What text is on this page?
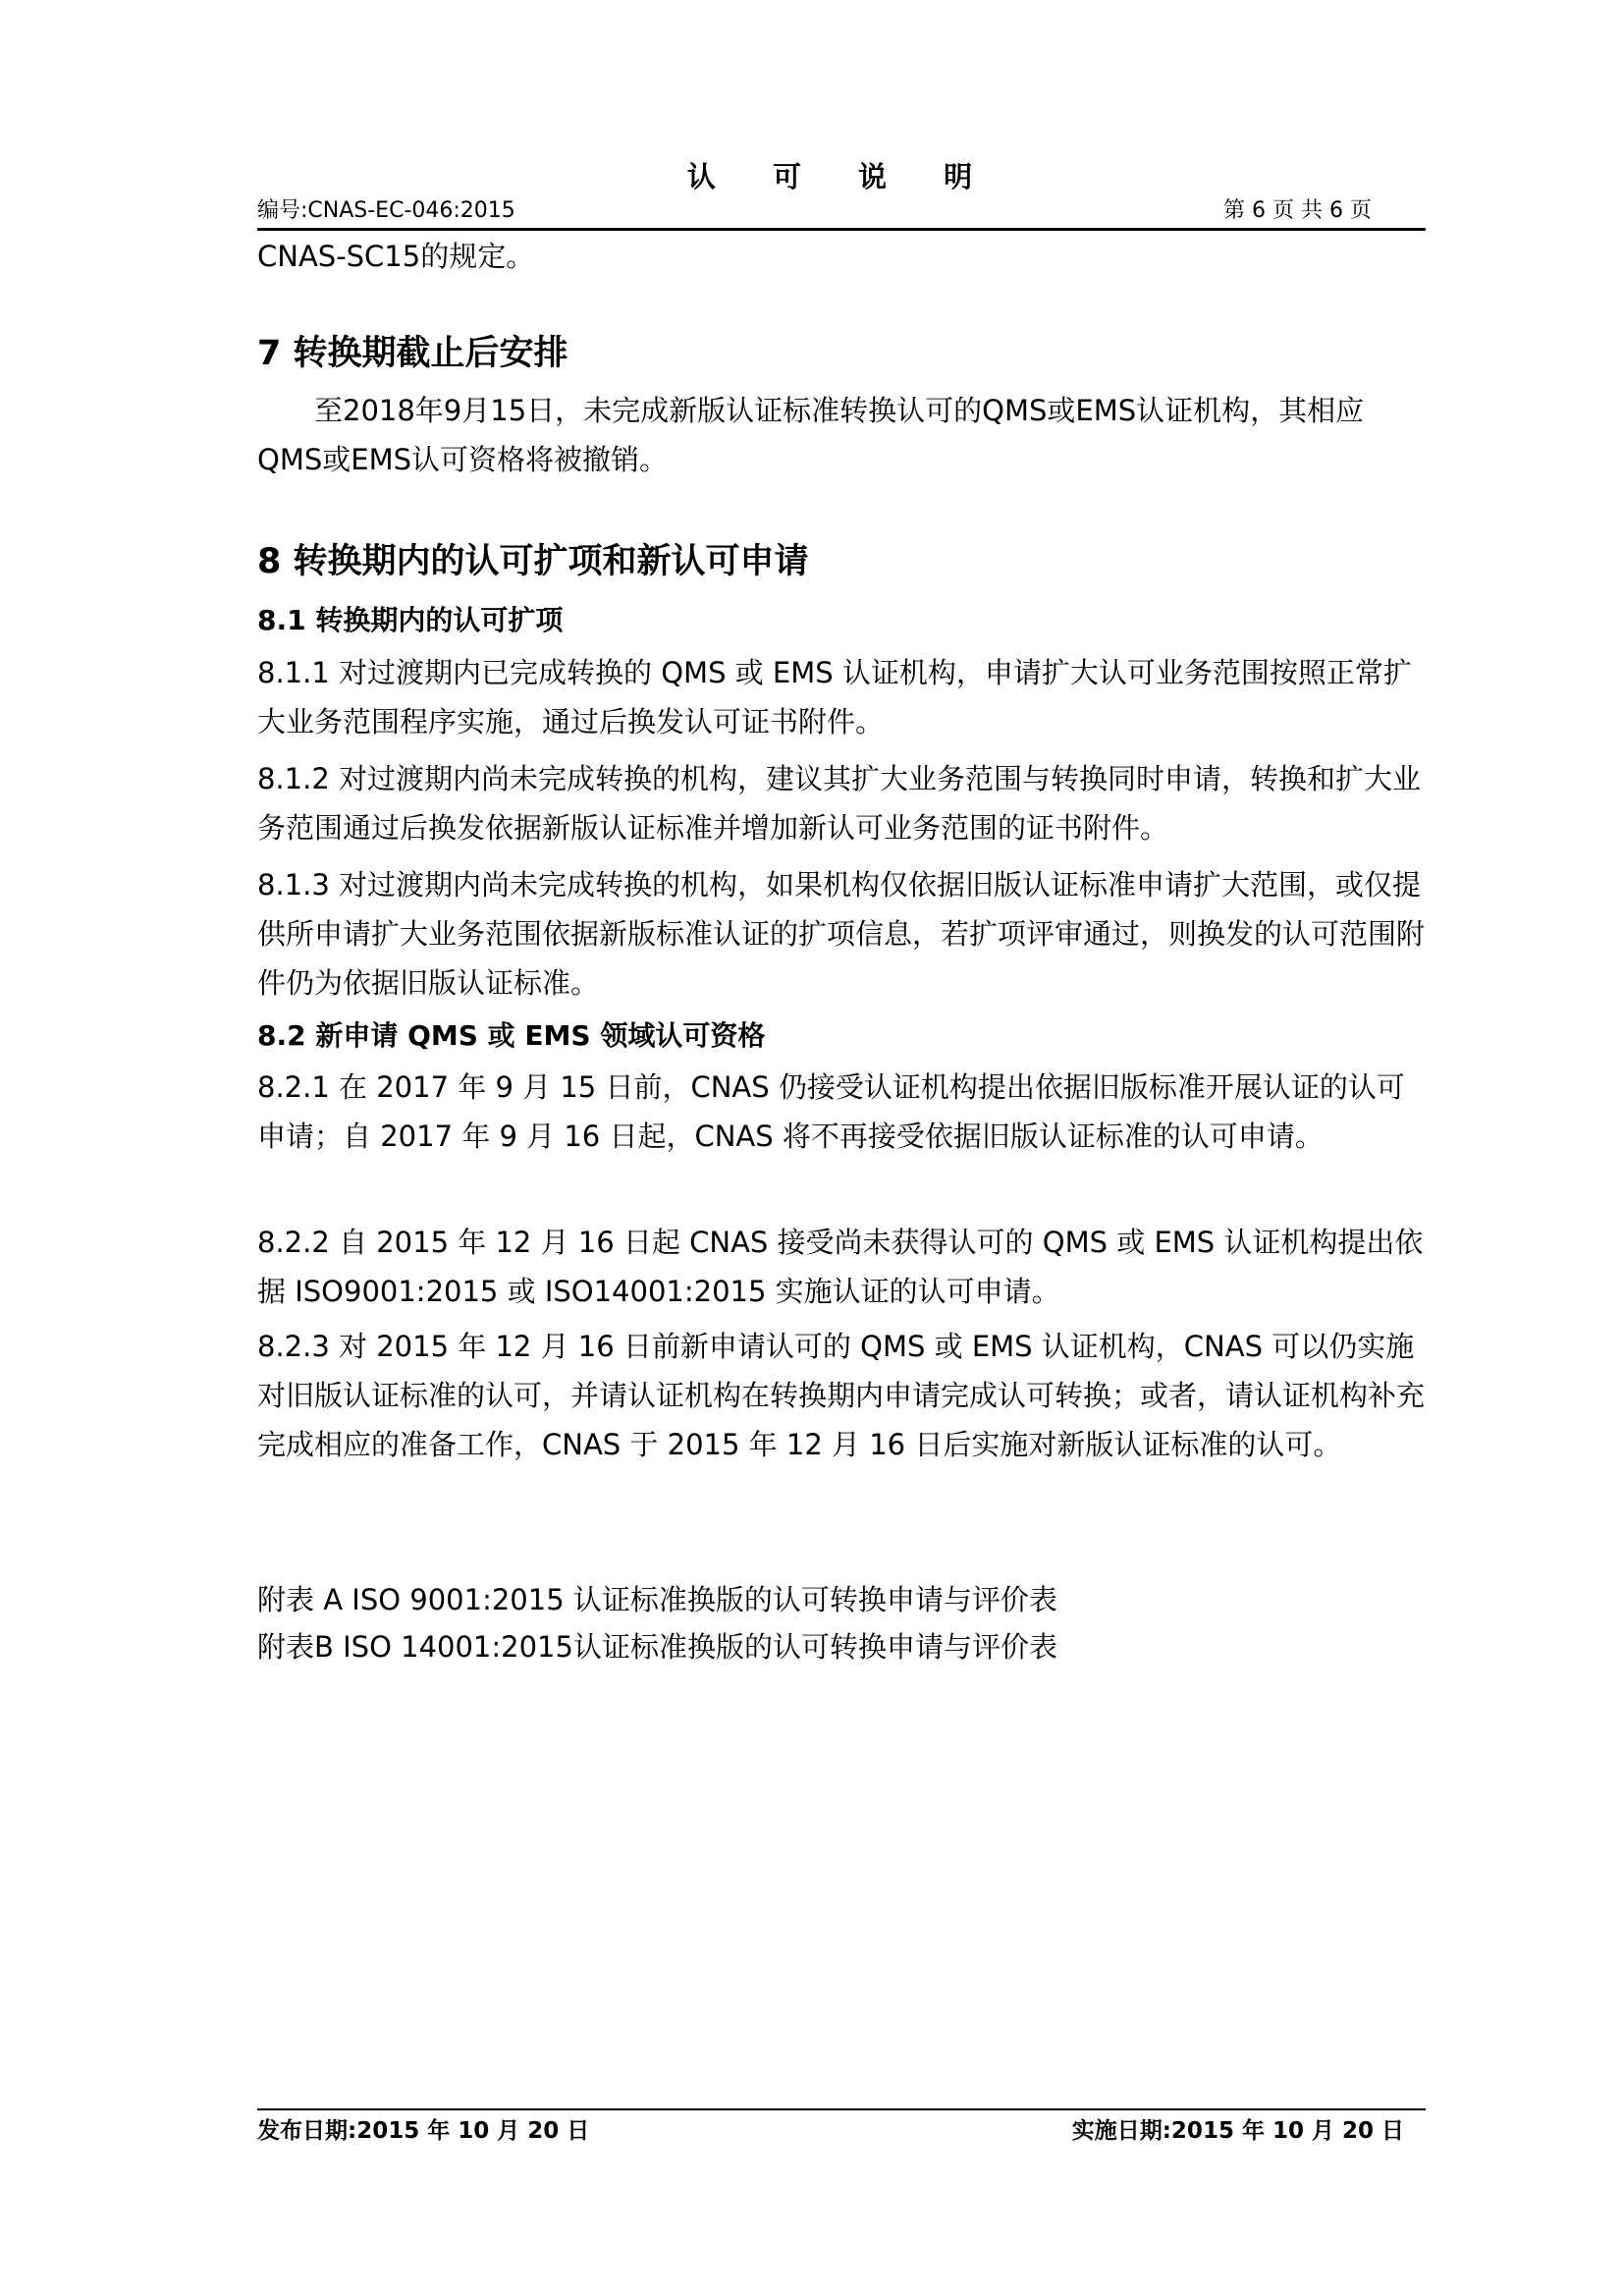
认 可 说 明
编号:CNAS-EC-046:2015	第 6 页 共 6 页
CNAS-SC15的规定。
7 转换期截止后安排
至2018年9月15日，未完成新版认证标准转换认可的QMS或EMS认证机构，其相应QMS或EMS认可资格将被撤销。
8 转换期内的认可扩项和新认可申请
8.1 转换期内的认可扩项
8.1.1 对过渡期内已完成转换的 QMS 或 EMS 认证机构，申请扩大认可业务范围按照正常扩大业务范围程序实施，通过后换发认可证书附件。
8.1.2 对过渡期内尚未完成转换的机构，建议其扩大业务范围与转换同时申请，转换和扩大业务范围通过后换发依据新版认证标准并增加新认可业务范围的证书附件。
8.1.3 对过渡期内尚未完成转换的机构，如果机构仅依据旧版认证标准申请扩大范围，或仅提供所申请扩大业务范围依据新版标准认证的扩项信息，若扩项评审通过，则换发的认可范围附件仍为依据旧版认证标准。
8.2 新申请 QMS 或 EMS 领域认可资格
8.2.1 在 2017 年 9 月 15 日前，CNAS 仍接受认证机构提出依据旧版标准开展认证的认可申请；自 2017 年 9 月 16 日起，CNAS 将不再接受依据旧版认证标准的认可申请。
8.2.2 自 2015 年 12 月 16 日起 CNAS 接受尚未获得认可的 QMS 或 EMS 认证机构提出依据 ISO9001:2015 或 ISO14001:2015 实施认证的认可申请。
8.2.3 对 2015 年 12 月 16 日前新申请认可的 QMS 或 EMS 认证机构，CNAS 可以仍实施对旧版认证标准的认可，并请认证机构在转换期内申请完成认可转换；或者，请认证机构补充完成相应的准备工作，CNAS 于 2015 年 12 月 16 日后实施对新版认证标准的认可。
附表 A ISO 9001:2015 认证标准换版的认可转换申请与评价表
附表B ISO 14001:2015认证标准换版的认可转换申请与评价表
发布日期:2015 年 10 月 20 日	实施日期:2015 年 10 月 20 日
